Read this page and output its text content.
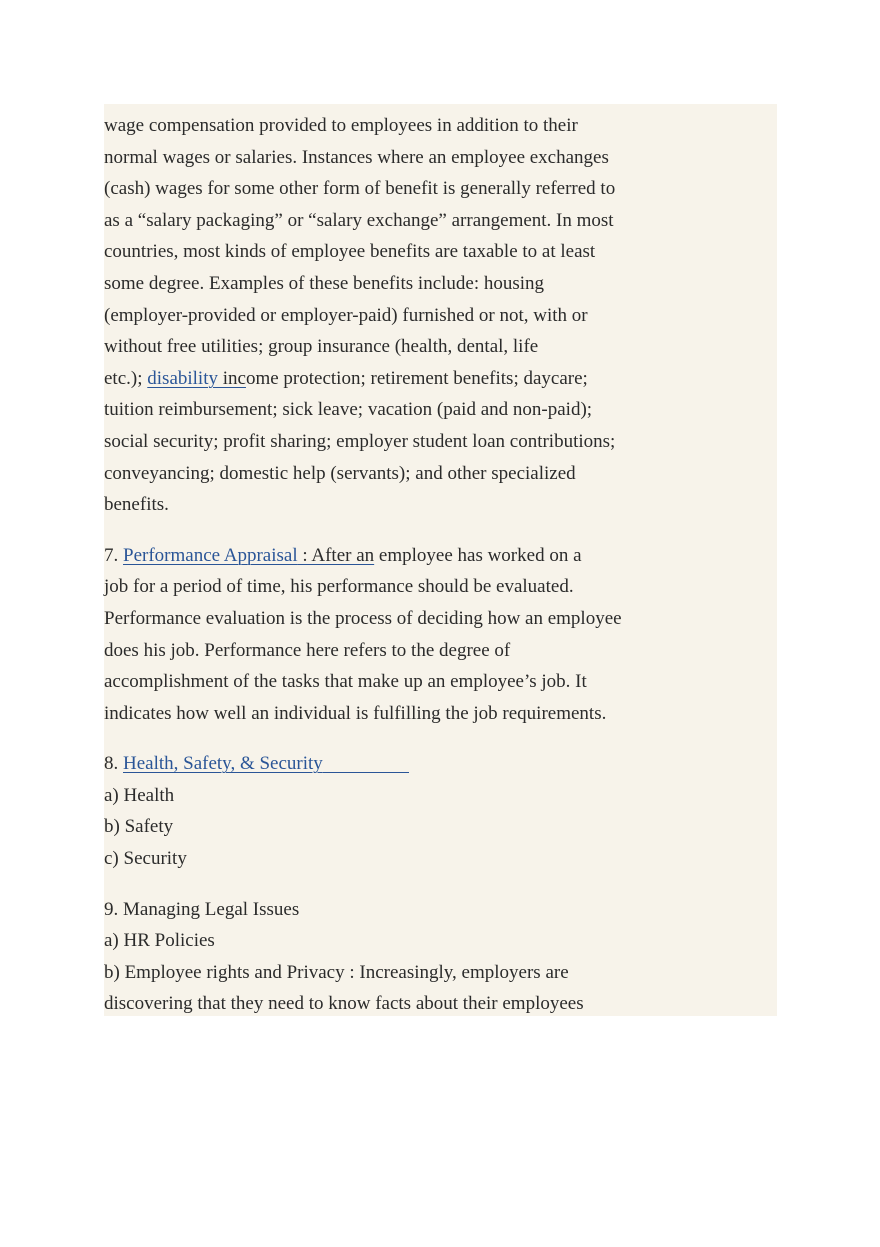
wage compensation provided to employees in addition to their
normal wages or salaries. Instances where an employee exchanges
(cash) wages for some other form of benefit is generally referred to
as a “salary packaging” or “salary exchange” arrangement. In most
countries, most kinds of employee benefits are taxable to at least
some degree. Examples of these benefits include: housing
(employer-provided or employer-paid) furnished or not, with or
without free utilities; group insurance (health, dental, life
etc.); disability income protection; retirement benefits; daycare;
tuition reimbursement; sick leave; vacation (paid and non-paid);
social security; profit sharing; employer student loan contributions;
conveyancing; domestic help (servants); and other specialized
benefits.
7. Performance Appraisal : After an employee has worked on a
job for a period of time, his performance should be evaluated.
Performance evaluation is the process of deciding how an employee
does his job. Performance here refers to the degree of
accomplishment of the tasks that make up an employee’s job. It
indicates how well an individual is fulfilling the job requirements.
8. Health, Safety, & Security
a) Health
b) Safety
c) Security
9. Managing Legal Issues
a) HR Policies
b) Employee rights and Privacy : Increasingly, employers are
discovering that they need to know facts about their employees
